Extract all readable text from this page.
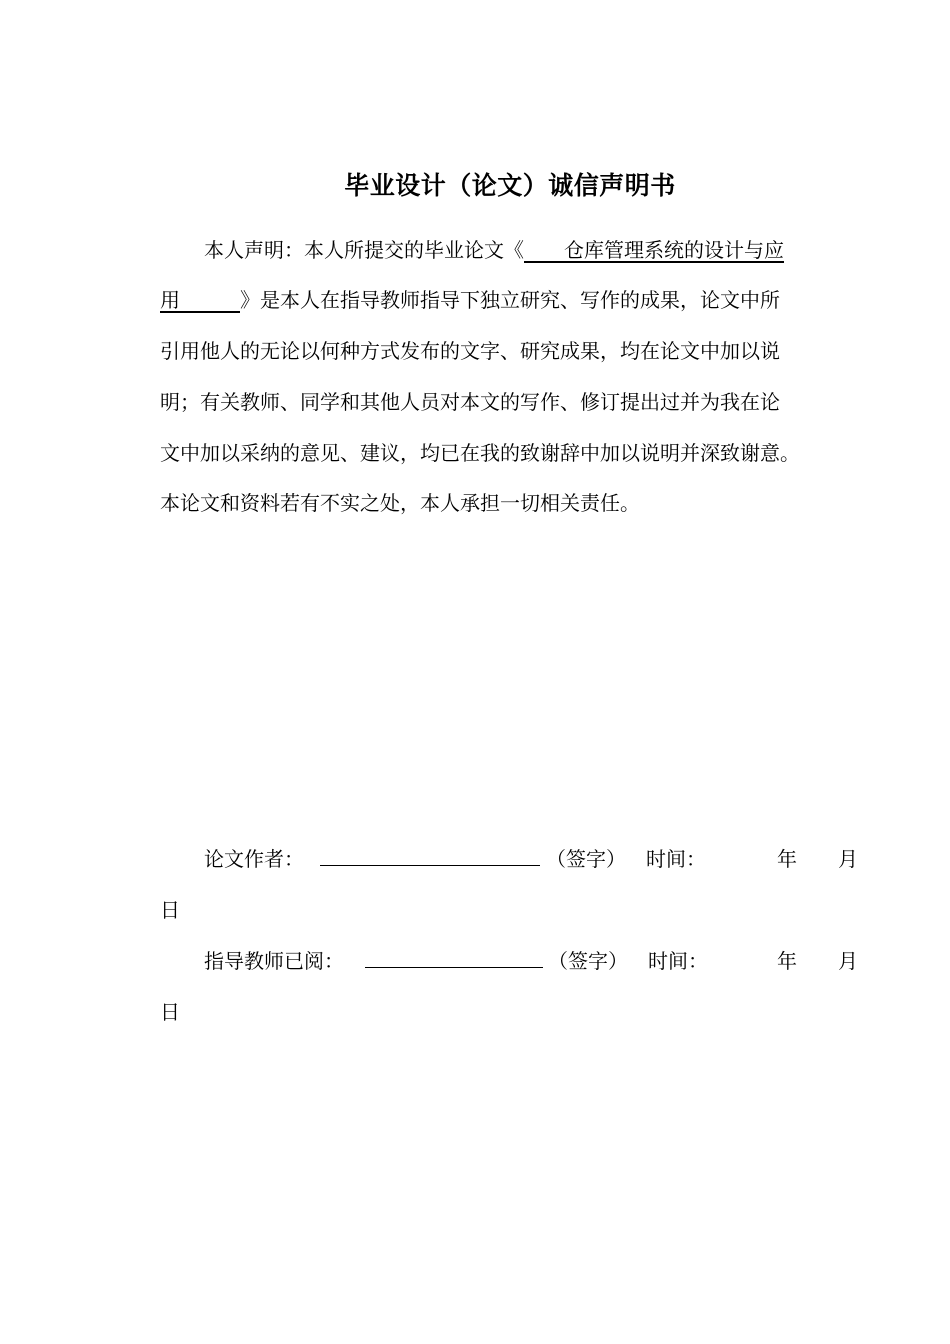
毕业设计（论文）诚信声明书
本人声明：本人所提交的毕业论文《　　仓库管理系统的设计与应
用　　　》是本人在指导教师指导下独立研究、写作的成果，论文中所
引用他人的无论以何种方式发布的文字、研究成果，均在论文中加以说
明；有关教师、同学和其他人员对本文的写作、修订提出过并为我在论
文中加以采纳的意见、建议，均已在我的致谢辞中加以说明并深致谢意。
本论文和资料若有不实之处，本人承担一切相关责任。
论文作者：	（签字） 时间：	年 月
日
指导教师已阅：	（签字） 时间：	年 月
日
